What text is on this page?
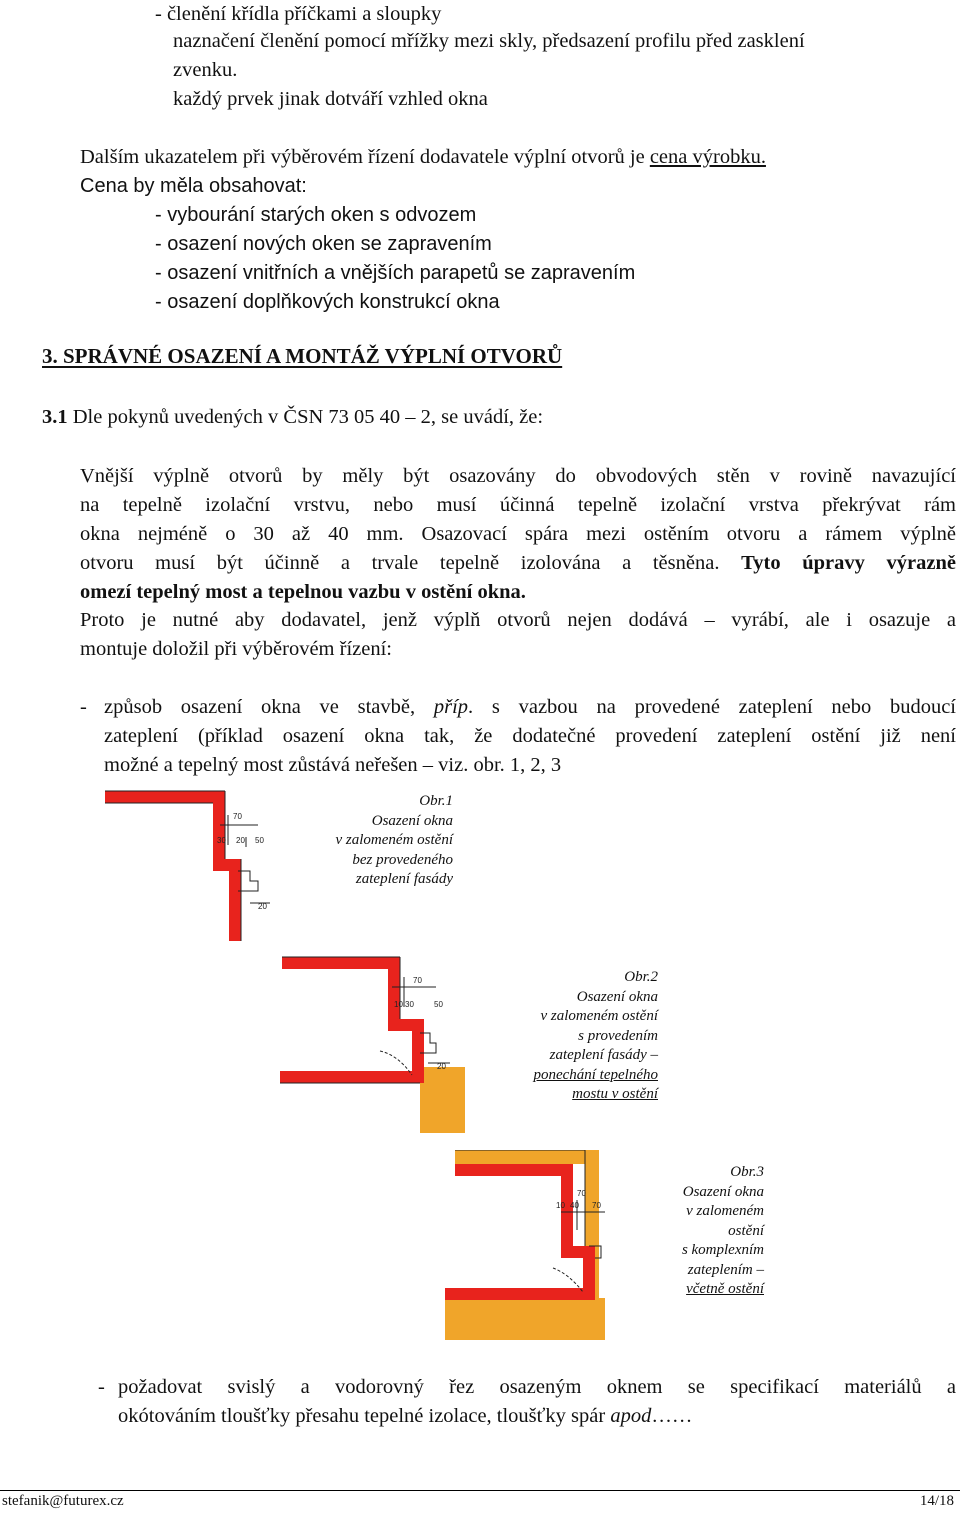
- členění křídla příčkami a sloupky
naznačení členění pomocí mřížky mezi skly, předsazení profilu před zasklení
zvenku.
každý prvek jinak dotváří vzhled okna
Dalším ukazatelem při výběrovém řízení dodavatele výplní otvorů je cena výrobku.
Cena by měla obsahovat:
- vybourání starých oken s odvozem
- osazení nových oken se zapravením
- osazení vnitřních a vnějších parapetů se zapravením
- osazení doplňkových konstrukcí okna
3. SPRÁVNÉ OSAZENÍ A MONTÁŽ VÝPLNÍ OTVORŮ
3.1 Dle pokynů uvedených v ČSN 73 05 40 – 2, se uvádí, že:
Vnější výplně otvorů by měly být osazovány do obvodových stěn v rovině navazující
na tepelně izolační vrstvu, nebo musí účinná tepelně izolační vrstva překrývat rám
okna nejméně o 30 až 40 mm. Osazovací spára mezi ostěním otvoru a rámem výplně
otvoru musí být účinně a trvale tepelně izolována a těsněna. Tyto úpravy výrazně
omezí tepelný most a tepelnou vazbu v ostění okna.
Proto je nutné aby dodavatel, jenž výplň otvorů nejen dodává – vyrábí, ale i osazuje a
montuje doložil při výběrovém řízení:
- způsob osazení okna ve stavbě, příp. s vazbou na provedené zateplení nebo budoucí
zateplení (příklad osazení okna tak, že dodatečné provedení zateplení ostění již není
možné a tepelný most zůstává neřešen – viz. obr. 1, 2, 3
70
30 20 50
20
Obr.1
Osazení okna
v zalomeném ostění
bez provedeného
zateplení fasády
70
10 30	50
20
Obr.2
Osazení okna
v zalomeném ostění
s provedením
zateplení fasády –
ponechání tepelného
mostu v ostění
70
10 40 70
Obr.3
Osazení okna
v zalomeném
ostění
s komplexním
zateplením –
včetně ostění
- požadovat svislý a vodorovný řez osazeným oknem se specifikací materiálů a
okótováním tloušťky přesahu tepelné izolace, tloušťky spár apod……
stefanik@futurex.cz	14/18
